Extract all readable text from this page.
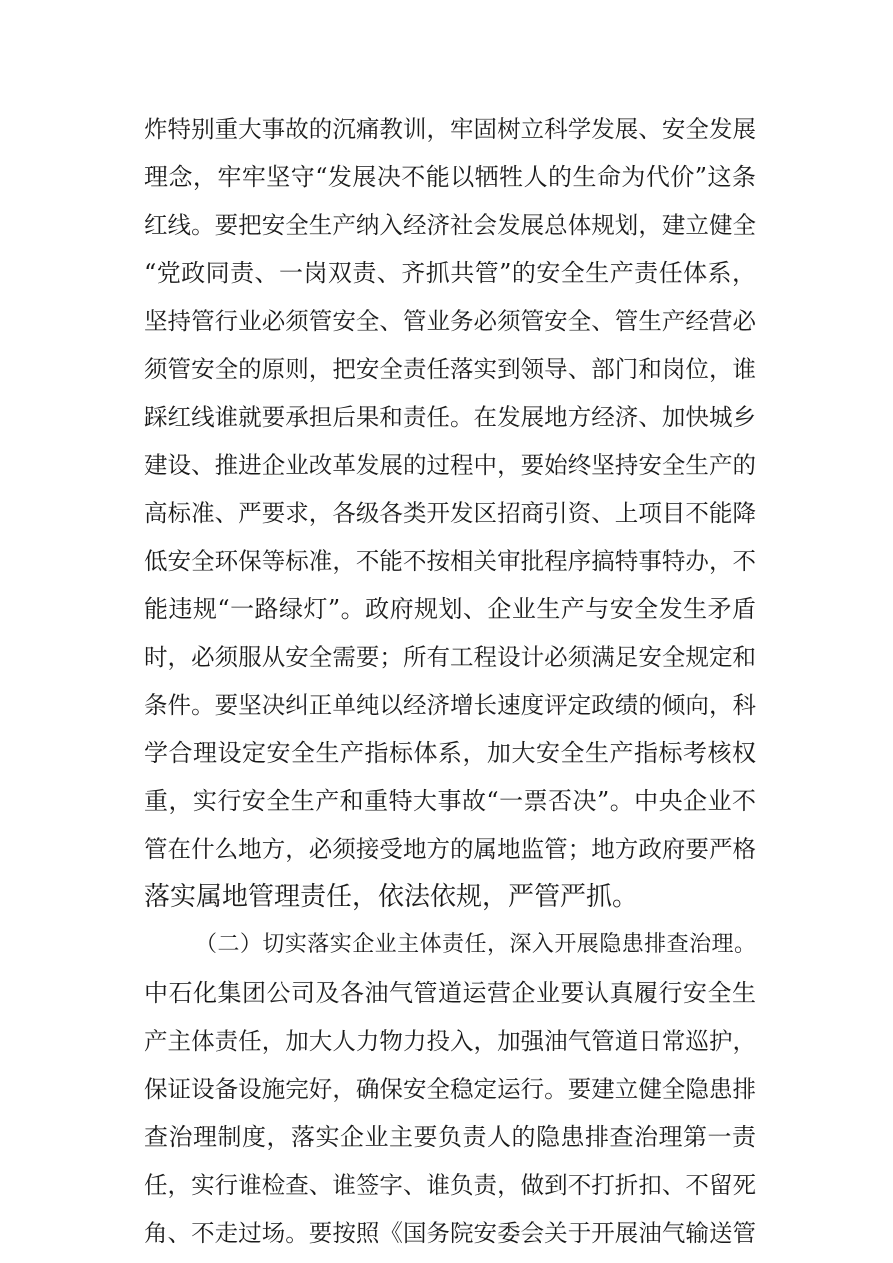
炸特别重大事故的沉痛教训，牢固树立科学发展、安全发展
理念，牢牢坚守“发展决不能以牺牲人的生命为代价”这条
红线。要把安全生产纳入经济社会发展总体规划，建立健全
“党政同责、一岗双责、齐抓共管”的安全生产责任体系，
坚持管行业必须管安全、管业务必须管安全、管生产经营必
须管安全的原则，把安全责任落实到领导、部门和岗位，谁
踩红线谁就要承担后果和责任。在发展地方经济、加快城乡
建设、推进企业改革发展的过程中，要始终坚持安全生产的
高标准、严要求，各级各类开发区招商引资、上项目不能降
低安全环保等标准，不能不按相关审批程序搞特事特办，不
能违规“一路绿灯”。政府规划、企业生产与安全发生矛盾
时，必须服从安全需要；所有工程设计必须满足安全规定和
条件。要坚决纠正单纯以经济增长速度评定政绩的倾向，科
学合理设定安全生产指标体系，加大安全生产指标考核权
重，实行安全生产和重特大事故“一票否决”。中央企业不
管在什么地方，必须接受地方的属地监管；地方政府要严格
落实属地管理责任，依法依规，严管严抓。
（二）切实落实企业主体责任，深入开展隐患排查治理。
中石化集团公司及各油气管道运营企业要认真履行安全生
产主体责任，加大人力物力投入，加强油气管道日常巡护，
保证设备设施完好，确保安全稳定运行。要建立健全隐患排
查治理制度，落实企业主要负责人的隐患排查治理第一责
任，实行谁检查、谁签字、谁负责，做到不打折扣、不留死
角、不走过场。要按照《国务院安委会关于开展油气输送管
